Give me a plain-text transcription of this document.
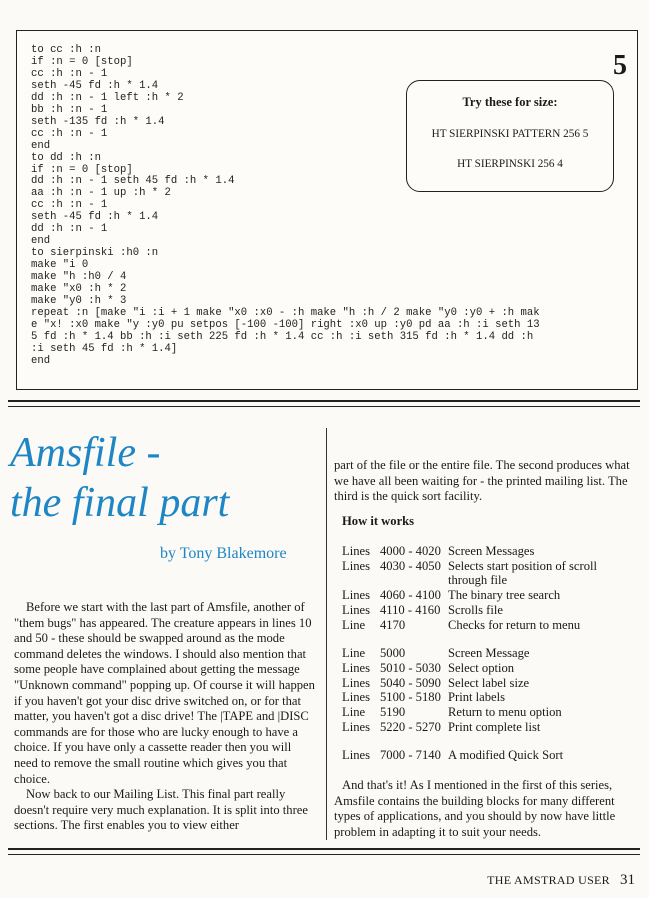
to cc :h :n
if :n = 0 [stop]
cc :h :n - 1
seth -45 fd :h * 1.4
dd :h :n - 1 left :h * 2
bb :h :n - 1
seth -135 fd :h * 1.4
cc :h :n - 1
end
to dd :h :n
if :n = 0 [stop]
dd :h :n - 1 seth 45 fd :h * 1.4
aa :h :n - 1 up :h * 2
cc :h :n - 1
seth -45 fd :h * 1.4
dd :h :n - 1
end
to sierpinski :h0 :n
make "i 0
make "h :h0 / 4
make "x0 :h * 2
make "y0 :h * 3
repeat :n [make "i :i + 1 make "x0 :x0 - :h make "h :h / 2 make "y0 :y0 + :h mak
e "x! :x0 make "y :y0 pu setpos [-100 -100] right :x0 up :y0 pd aa :h :i seth 13
5 fd :h * 1.4 bb :h :i seth 225 fd :h * 1.4 cc :h :i seth 315 fd :h * 1.4 dd :h
:i seth 45 fd :h * 1.4]
end
5
Try these for size:
HT SIERPINSKI PATTERN 256 5
HT SIERPINSKI 256 4
Amsfile -
the final part
by Tony Blakemore

Before we start with the last part of Amsfile, another of "them bugs" has appeared. The creature appears in lines 10 and 50 - these should be swapped around as the mode command deletes the windows. I should also mention that some people have complained about getting the message "Unknown command" popping up. Of course it will happen if you haven't got your disc drive switched on, or for that matter, you haven't got a disc drive! The |TAPE and |DISC commands are for those who are lucky enough to have a choice. If you have only a cassette reader then you will need to remove the small routine which gives you that choice.

Now back to our Mailing List. This final part really doesn't require very much explanation. It is split into three sections. The first enables you to view either

part of the file or the entire file. The second produces what we have all been waiting for - the printed mailing list. The third is the quick sort facility.
How it works
Lines 4000 - 4020 Screen Messages
Lines 4030 - 4050 Selects start position of scroll
through file
Lines 4060 - 4100 The binary tree search
Lines 4110 - 4160 Scrolls file
Line	4170	Checks for return to menu
Line	5000	Screen Message
Lines 5010 - 5030 Select option
Lines 5040 - 5090 Select label size
Lines 5100 - 5180 Print labels
Line	5190	Return to menu option
Lines 5220 - 5270 Print complete list
Lines 7000 - 7140 A modified Quick Sort

And that's it! As I mentioned in the first of this series, Amsfile contains the building blocks for many different types of applications, and you should by now have little problem in adapting it to suit your needs.

THE AMSTRAD USER 31
